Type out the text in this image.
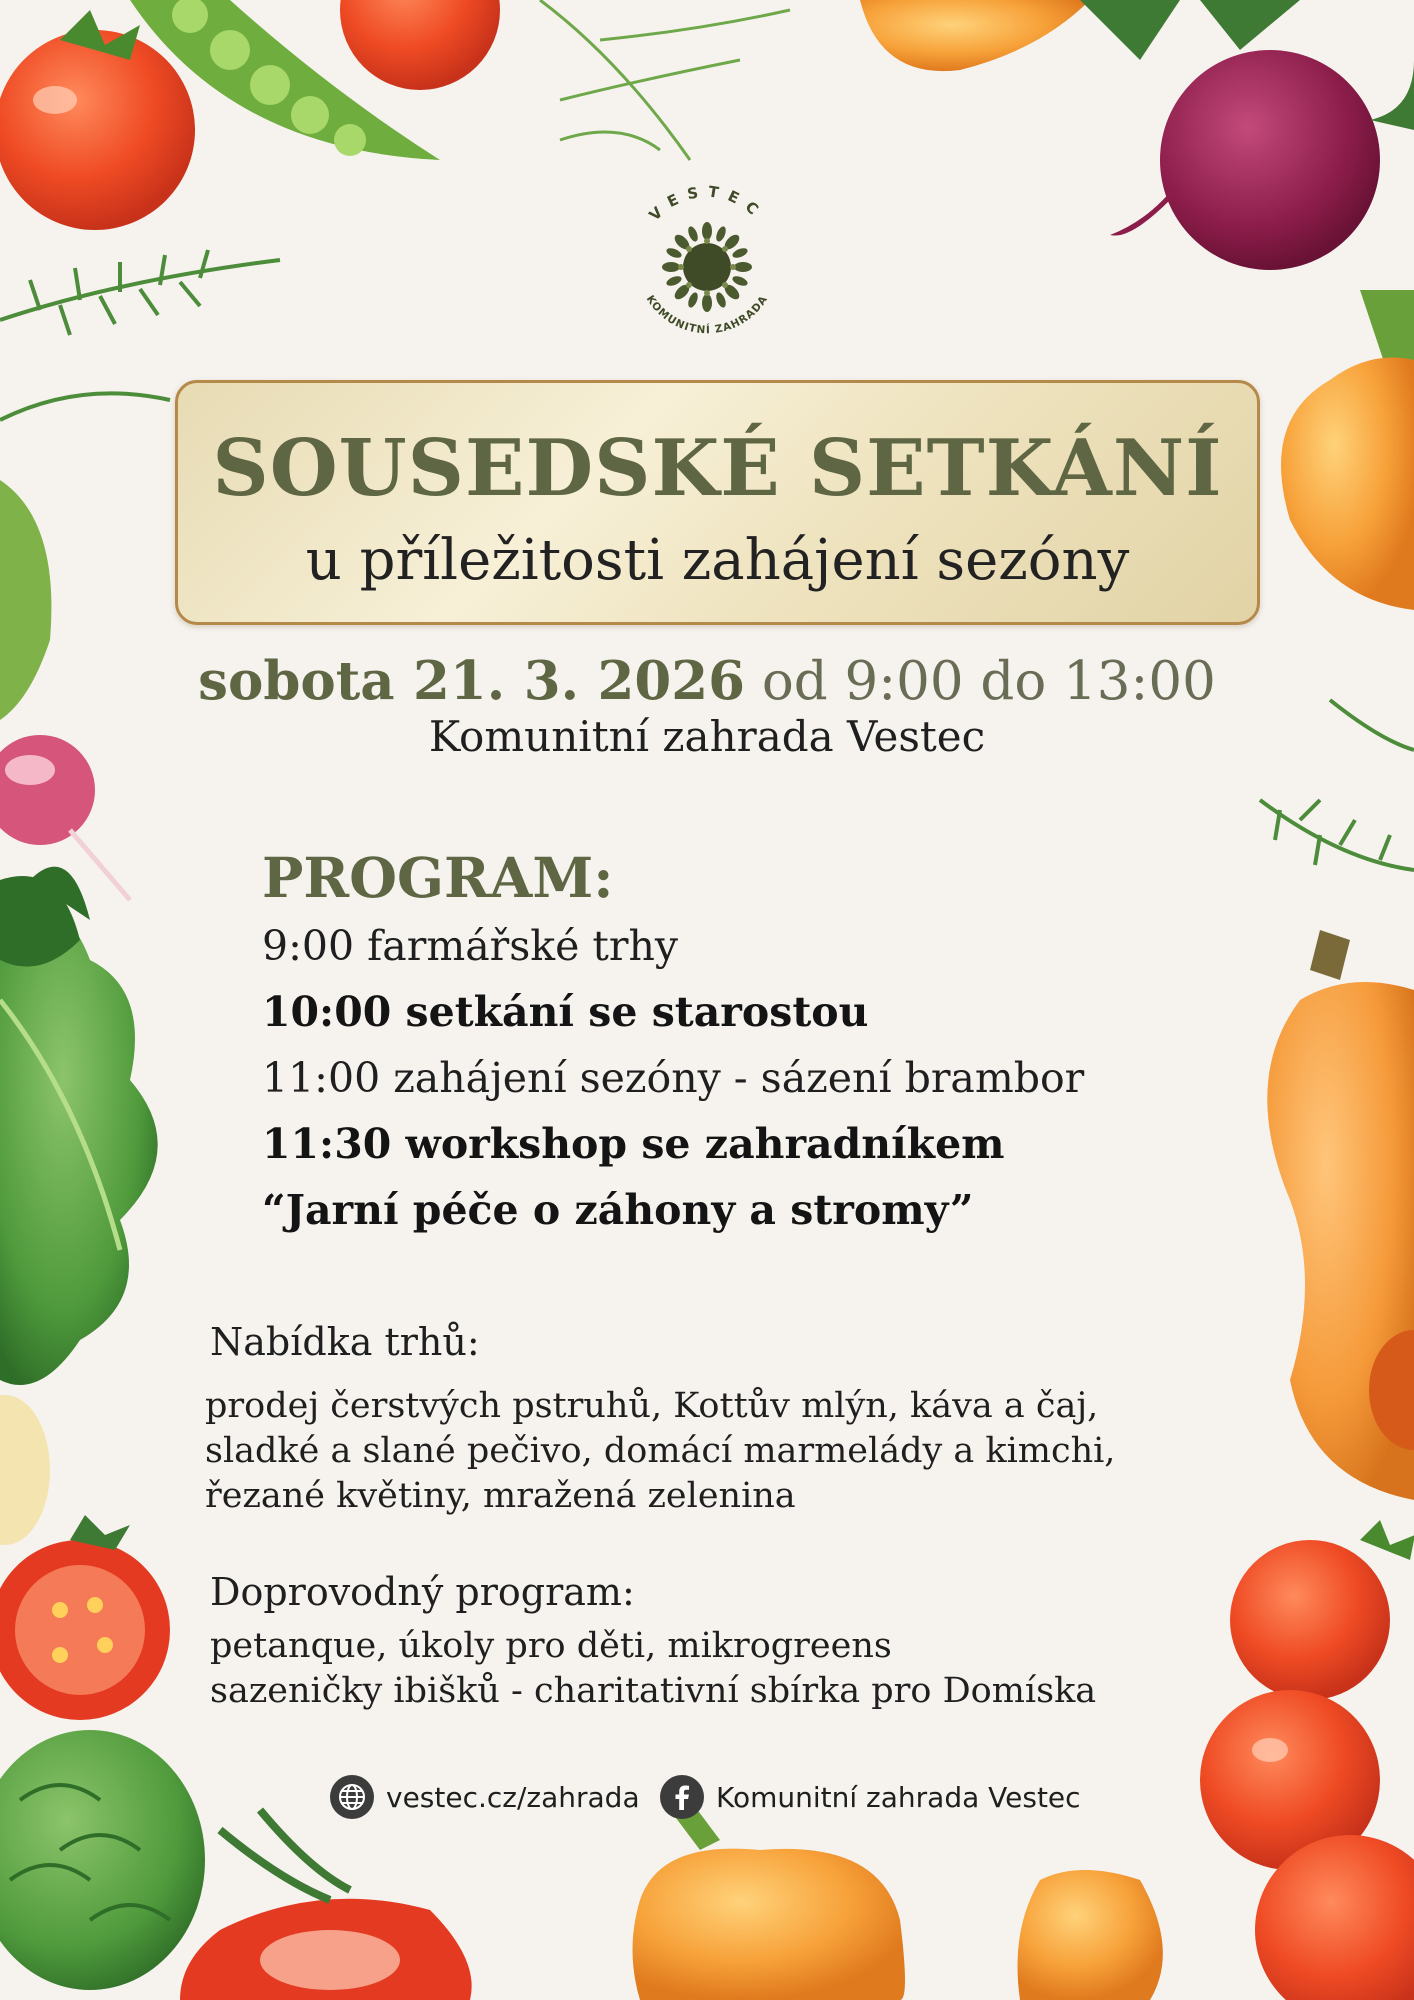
VESTEC
KOMUNITNÍ ZAHRADA
SOUSEDSKÉ SETKÁNÍ
u příležitosti zahájení sezóny
sobota 21. 3. 2026 od 9:00 do 13:00
Komunitní zahrada Vestec
PROGRAM:
9:00 farmářské trhy
10:00 setkání se starostou
11:00 zahájení sezóny - sázení brambor
11:30 workshop se zahradníkem
“Jarní péče o záhony a stromy”
Nabídka trhů:
prodej čerstvých pstruhů, Kottův mlýn, káva a čaj,
sladké a slané pečivo, domácí marmelády a kimchi,
řezané květiny, mražená zelenina
Doprovodný program:
petanque, úkoly pro děti, mikrogreens
sazeničky ibišků - charitativní sbírka pro Domíska
vestec.cz/zahrada	Komunitní zahrada Vestec
